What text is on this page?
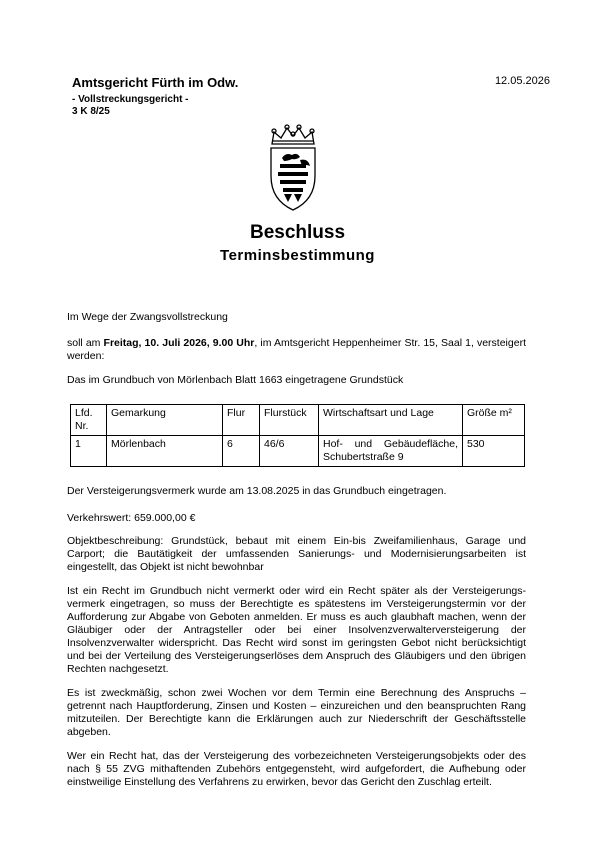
Amtsgericht Fürth im Odw.
- Vollstreckungsgericht -
3 K 8/25
12.05.2026
Beschluss
Terminsbestimmung
Im Wege der Zwangsvollstreckung
soll am Freitag, 10. Juli 2026, 9.00 Uhr, im Amtsgericht Heppenheimer Str. 15, Saal 1, versteigert werden:
Das im Grundbuch von Mörlenbach Blatt 1663 eingetragene Grundstück
Lfd. Nr.	Gemarkung	Flur	Flurstück	Wirtschaftsart und Lage	Größe m²
1	Mörlenbach	6	46/6	Hof- und Gebäudefläche, Schubertstraße 9	530
Der Versteigerungsvermerk wurde am 13.08.2025 in das Grundbuch eingetragen.
Verkehrswert: 659.000,00 €
Objektbeschreibung: Grundstück, bebaut mit einem Ein-bis Zweifamilienhaus, Garage und Carport; die Bautätigkeit der umfassenden Sanierungs- und Modernisierungsarbeiten ist eingestellt, das Objekt ist nicht bewohnbar
Ist ein Recht im Grundbuch nicht vermerkt oder wird ein Recht später als der Versteigerungs-vermerk eingetragen, so muss der Berechtigte es spätestens im Versteigerungstermin vor der Aufforderung zur Abgabe von Geboten anmelden. Er muss es auch glaubhaft machen, wenn der Gläubiger oder der Antragsteller oder bei einer Insolvenzverwalterversteigerung der Insolvenzverwalter widerspricht. Das Recht wird sonst im geringsten Gebot nicht berücksichtigt und bei der Verteilung des Versteigerungserlöses dem Anspruch des Gläubigers und den übrigen Rechten nachgesetzt.
Es ist zweckmäßig, schon zwei Wochen vor dem Termin eine Berechnung des Anspruchs – getrennt nach Hauptforderung, Zinsen und Kosten – einzureichen und den beanspruchten Rang mitzuteilen. Der Berechtigte kann die Erklärungen auch zur Niederschrift der Geschäftsstelle abgeben.
Wer ein Recht hat, das der Versteigerung des vorbezeichneten Versteigerungsobjekts oder des nach § 55 ZVG mithaftenden Zubehörs entgegensteht, wird aufgefordert, die Aufhebung oder einstweilige Einstellung des Verfahrens zu erwirken, bevor das Gericht den Zuschlag erteilt.
